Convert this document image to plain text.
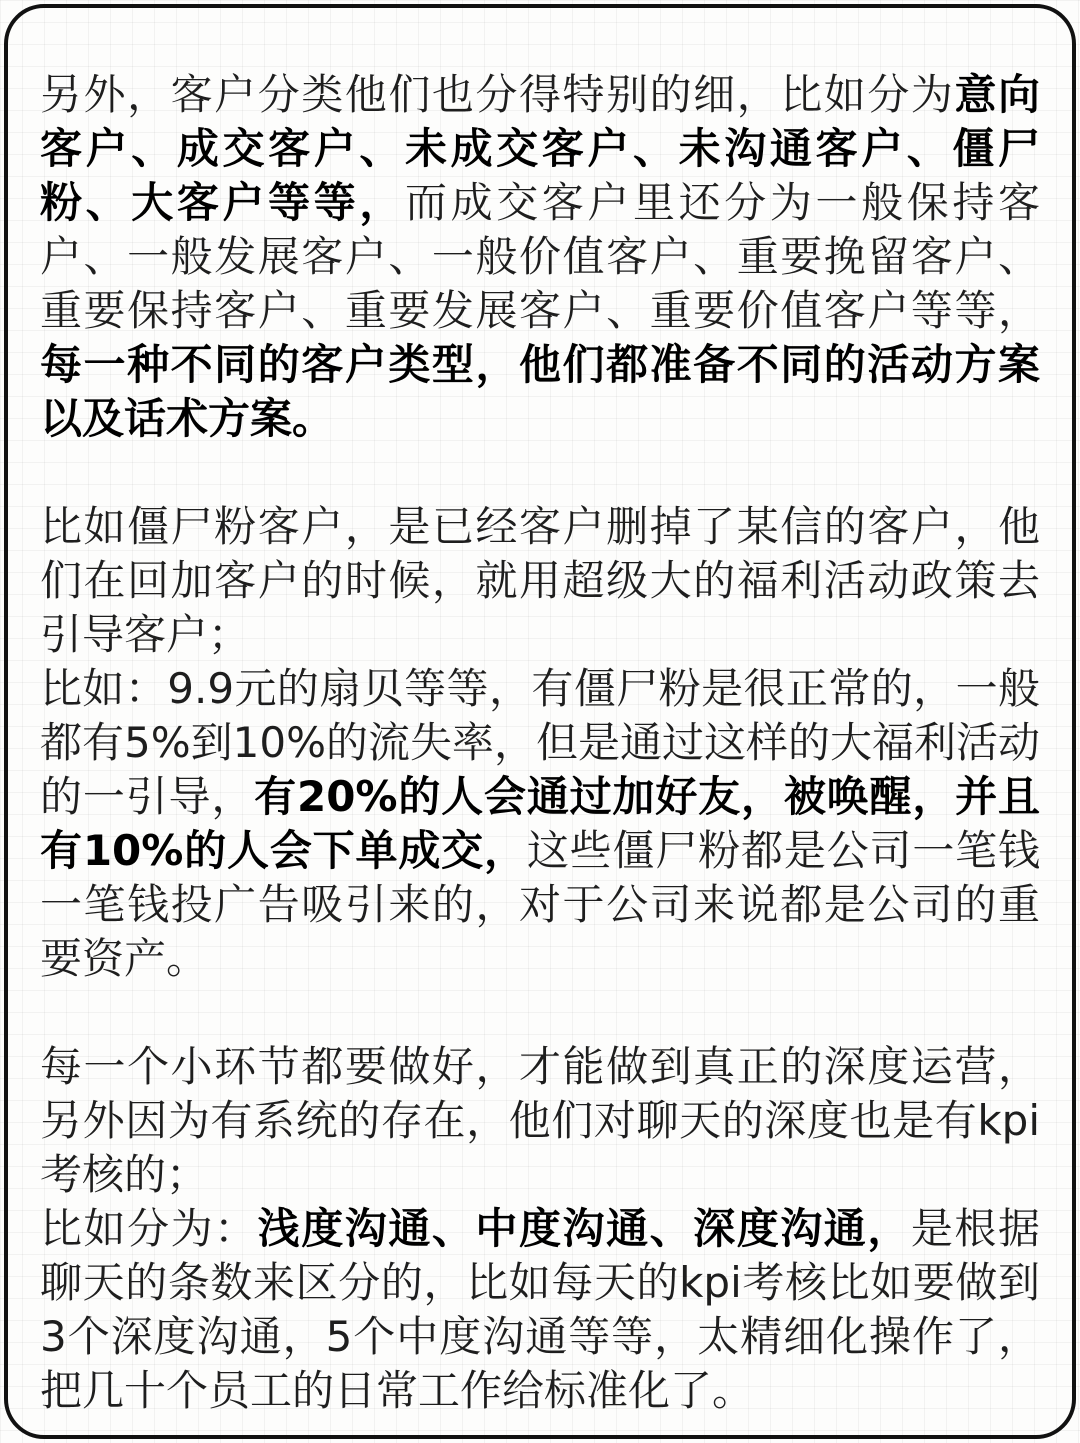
另外，客户分类他们也分得特别的细，比如分为意向客户、成交客户、未成交客户、未沟通客户、僵尸粉、大客户等等，而成交客户里还分为一般保持客户、一般发展客户、一般价值客户、重要挽留客户、重要保持客户、重要发展客户、重要价值客户等等，每一种不同的客户类型，他们都准备不同的活动方案以及话术方案。

比如僵尸粉客户，是已经客户删掉了某信的客户，他们在回加客户的时候，就用超级大的福利活动政策去引导客户；

比如：9.9元的扇贝等等，有僵尸粉是很正常的，一般都有5%到10%的流失率，但是通过这样的大福利活动的一引导，有20%的人会通过加好友，被唤醒，并且有10%的人会下单成交，这些僵尸粉都是公司一笔钱一笔钱投广告吸引来的，对于公司来说都是公司的重要资产。

每一个小环节都要做好，才能做到真正的深度运营，另外因为有系统的存在，他们对聊天的深度也是有kpi考核的；

比如分为：浅度沟通、中度沟通、深度沟通，是根据聊天的条数来区分的，比如每天的kpi考核比如要做到3个深度沟通，5个中度沟通等等，太精细化操作了，把几十个员工的日常工作给标准化了。
